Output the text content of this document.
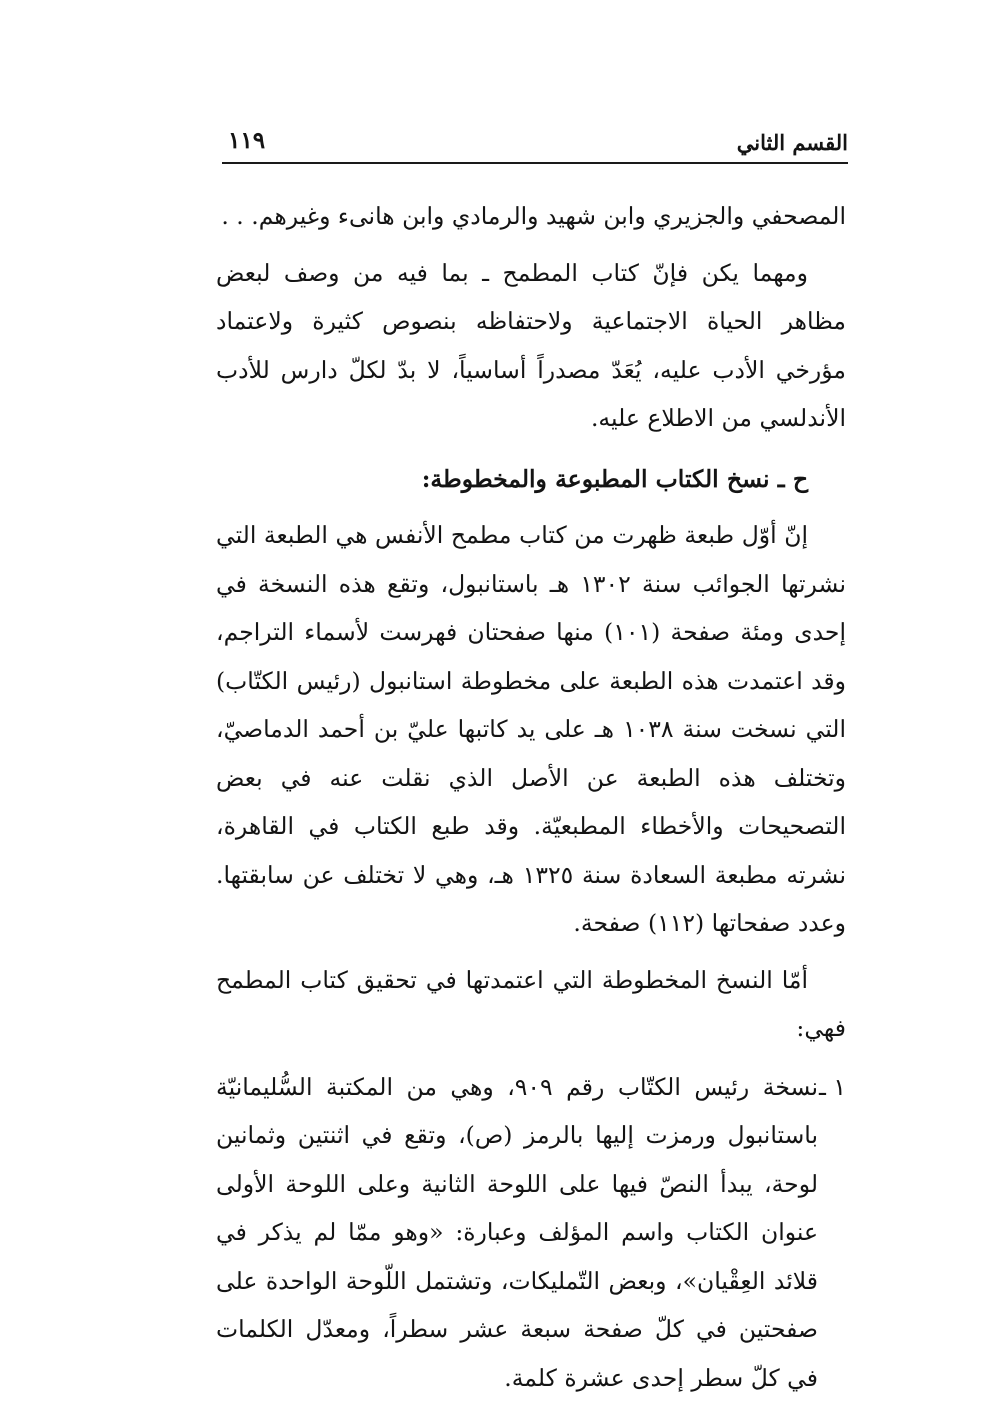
القسم الثاني
١١٩

المصحفي والجزيري وابن شهيد والرمادي وابن هانىء وغيرهم. . .

ومهما يكن فإنّ كتاب المطمح ـ بما فيه من وصف لبعض مظاهر الحياة الاجتماعية ولاحتفاظه بنصوص كثيرة ولاعتماد مؤرخي الأدب عليه، يُعَدّ مصدراً أساسياً، لا بدّ لكلّ دارس للأدب الأندلسي من الاطلاع عليه.

ح ـ نسخ الكتاب المطبوعة والمخطوطة:

إنّ أوّل طبعة ظهرت من كتاب مطمح الأنفس هي الطبعة التي نشرتها الجوائب سنة ١٣٠٢ هـ باستانبول، وتقع هذه النسخة في إحدى ومئة صفحة (١٠١) منها صفحتان فهرست لأسماء التراجم، وقد اعتمدت هذه الطبعة على مخطوطة استانبول (رئيس الكتّاب) التي نسخت سنة ١٠٣٨ هـ على يد كاتبها عليّ بن أحمد الدماصيّ، وتختلف هذه الطبعة عن الأصل الذي نقلت عنه في بعض التصحيحات والأخطاء المطبعيّة. وقد طبع الكتاب في القاهرة، نشرته مطبعة السعادة سنة ١٣٢٥ هـ، وهي لا تختلف عن سابقتها. وعدد صفحاتها (١١٢) صفحة.

أمّا النسخ المخطوطة التي اعتمدتها في تحقيق كتاب المطمح فهي:

١ ـنسخة رئيس الكتّاب رقم ٩٠٩، وهي من المكتبة السُّليمانيّة باستانبول ورمزت إليها بالرمز (ص)، وتقع في اثنتين وثمانين لوحة، يبدأ النصّ فيها على اللوحة الثانية وعلى اللوحة الأولى عنوان الكتاب واسم المؤلف وعبارة: «وهو ممّا لم يذكر في قلائد العِقْيان»، وبعض التّمليكات، وتشتمل اللّوحة الواحدة على صفحتين في كلّ صفحة سبعة عشر سطراً، ومعدّل الكلمات في كلّ سطر إحدى عشرة كلمة.
